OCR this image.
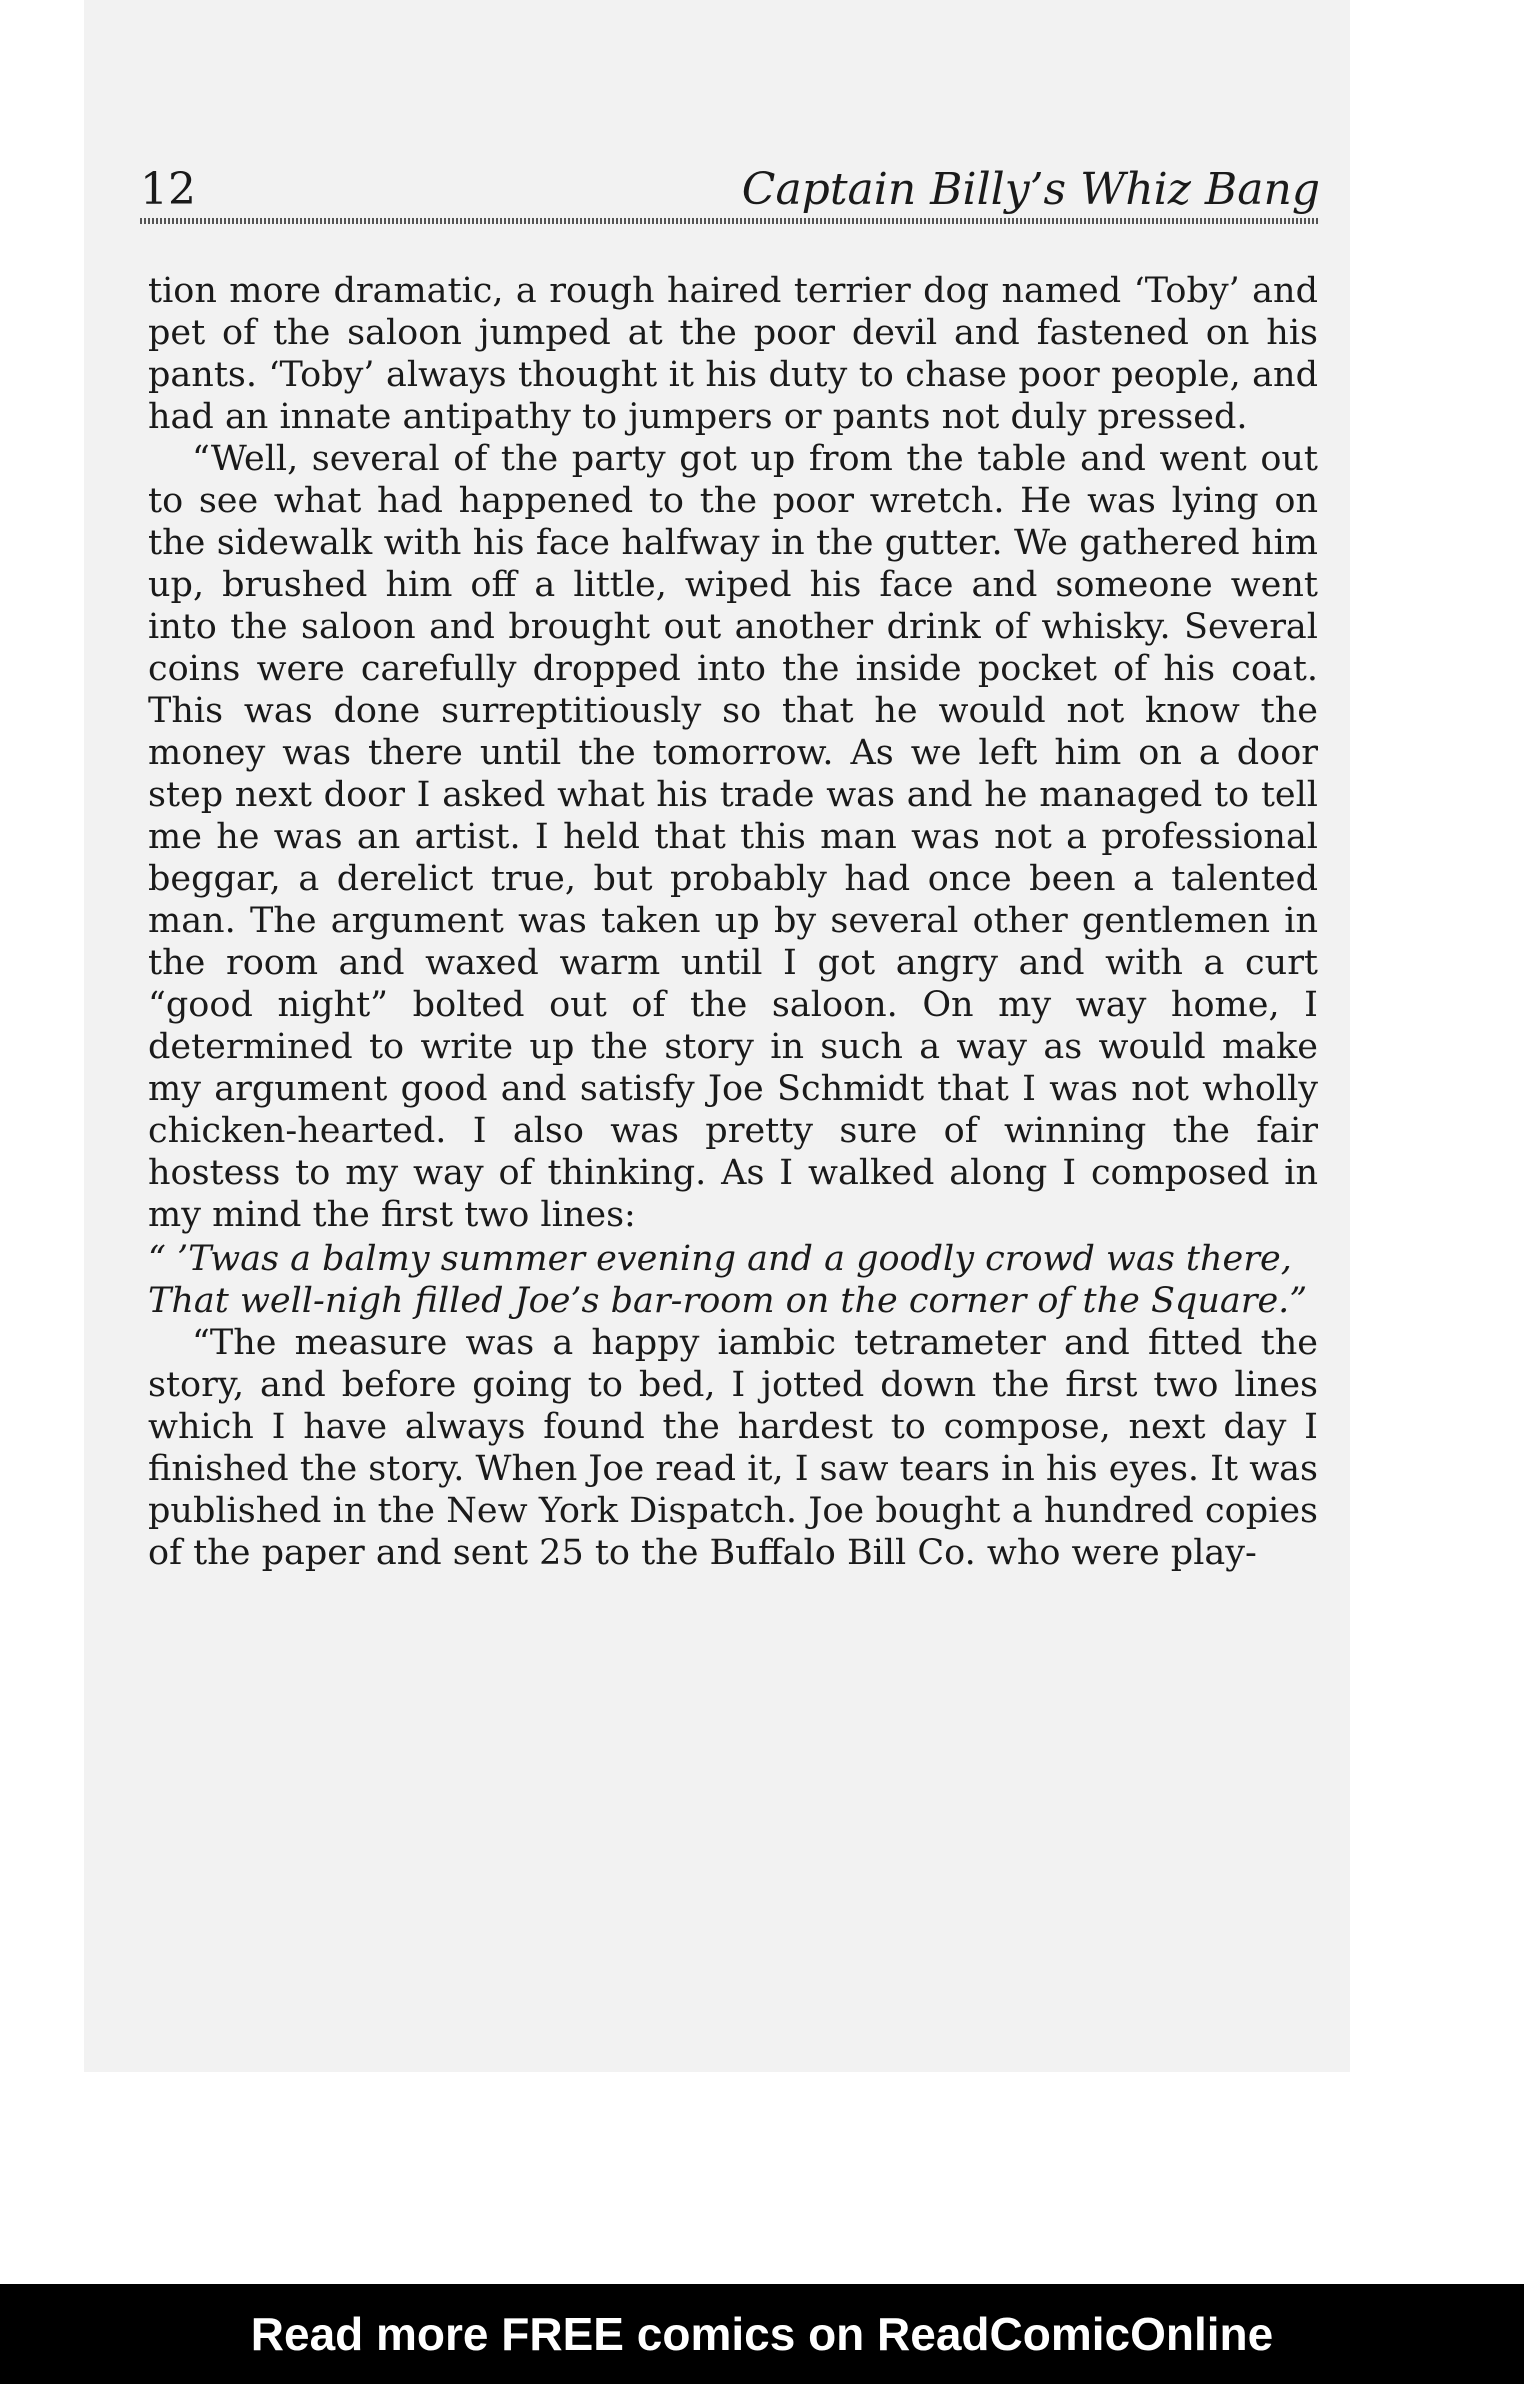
12	Captain Billy’s Whiz Bang

tion more dramatic, a rough haired terrier dog named ‘Toby’ and pet of the saloon jumped at the poor devil and fastened on his pants. ‘Toby’ always thought it his duty to chase poor people, and had an innate antipathy to jumpers or pants not duly pressed.

“Well, several of the party got up from the table and went out to see what had happened to the poor wretch. He was lying on the sidewalk with his face halfway in the gutter. We gathered him up, brushed him off a little, wiped his face and someone went into the saloon and brought out another drink of whisky. Several coins were carefully dropped into the inside pocket of his coat. This was done surreptitiously so that he would not know the money was there until the tomorrow. As we left him on a door step next door I asked what his trade was and he managed to tell me he was an artist. I held that this man was not a professional beggar, a derelict true, but probably had once been a talented man. The argument was taken up by several other gentlemen in the room and waxed warm until I got angry and with a curt “good night” bolted out of the saloon. On my way home, I determined to write up the story in such a way as would make my argument good and satisfy Joe Schmidt that I was not wholly chicken-hearted. I also was pretty sure of winning the fair hostess to my way of thinking. As I walked along I composed in my mind the first two lines:

“ ’Twas a balmy summer evening and a goodly crowd was there,

That well-nigh filled Joe’s bar-room on the corner of the Square.”

“The measure was a happy iambic tetrameter and fitted the story, and before going to bed, I jotted down the first two lines which I have always found the hardest to compose, next day I finished the story. When Joe read it, I saw tears in his eyes. It was published in the New York Dispatch. Joe bought a hundred copies of the paper and sent 25 to the Buffalo Bill Co. who were play-

Read more FREE comics on ReadComicOnline
